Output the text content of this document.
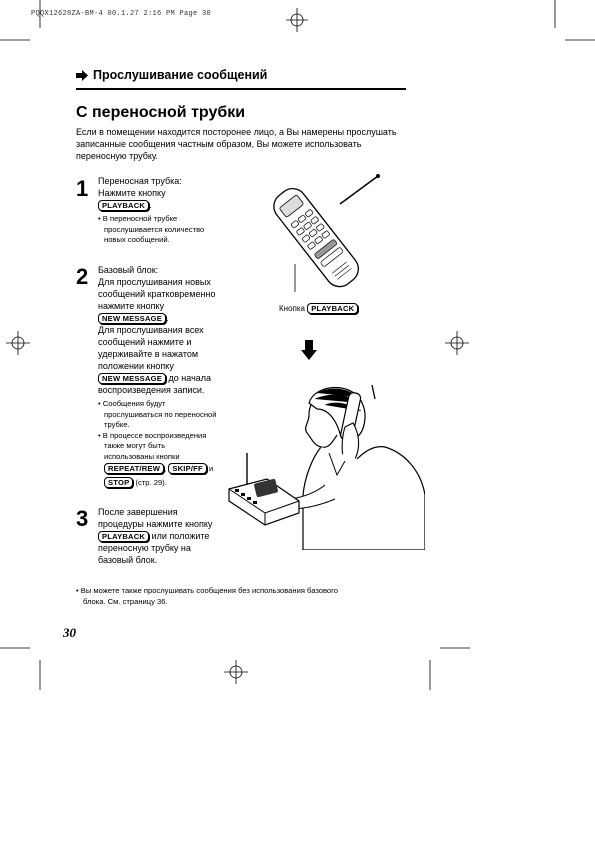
PQQX12628ZA-BM-4 00.1.27 2:16 PM Page 30
Прослушивание сообщений
С переносной трубки
Если в помещении находится посторонее лицо, а Вы намерены прослушать записанные сообщения частным образом, Вы можете использовать переносную трубку.
1 Переносная трубка:
Нажмите кнопку
PLAYBACK .
• В переносной трубке
прослушивается количество
новых сообщений.
2 Базовый блок:
Для прослушивания новых
сообщений кратковременно
нажмите кнопку
NEW MESSAGE .
Для прослушивания всех
сообщений нажмите и
удерживайте в нажатом
положении кнопку
NEW MESSAGE до начала
воспроизведения записи.
• Сообщения будут
прослушиваться по переносной
трубке.
• В процессе воспроизведения
также могут быть
использованы кнопки
REPEAT/REW , SKIP/FF и
STOP (стр. 29).
3 После завершения
процедуры нажмите кнопку
PLAYBACK или положите
переносную трубку на
базовый блок.
Кнопка PLAYBACK
• Вы можете также прослушивать сообщения без использования базового
блока. См. страницу 36.
30
